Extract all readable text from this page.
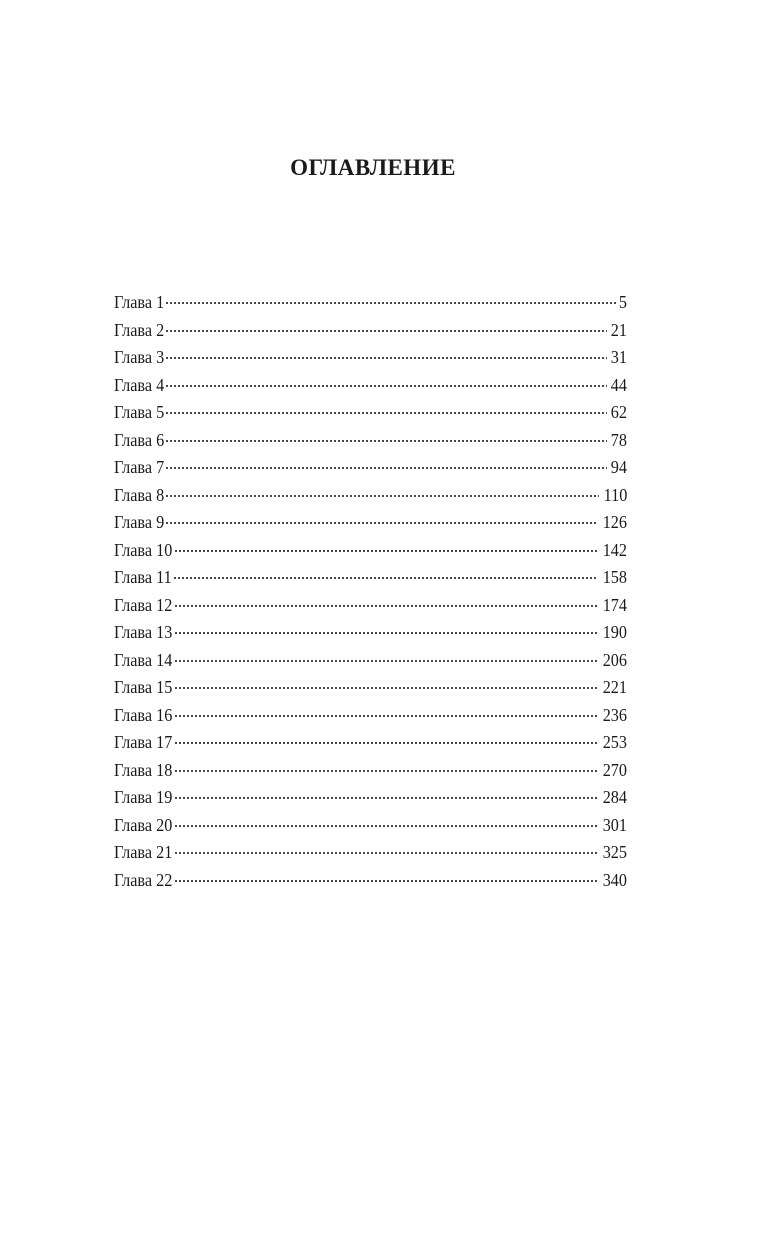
ОГЛАВЛЕНИЕ
Глава 1	5
Глава 2	21
Глава 3	31
Глава 4	44
Глава 5	62
Глава 6	78
Глава 7	94
Глава 8	110
Глава 9	126
Глава 10	142
Глава 11	158
Глава 12	174
Глава 13	190
Глава 14	206
Глава 15	221
Глава 16	236
Глава 17	253
Глава 18	270
Глава 19	284
Глава 20	301
Глава 21	325
Глава 22	340
